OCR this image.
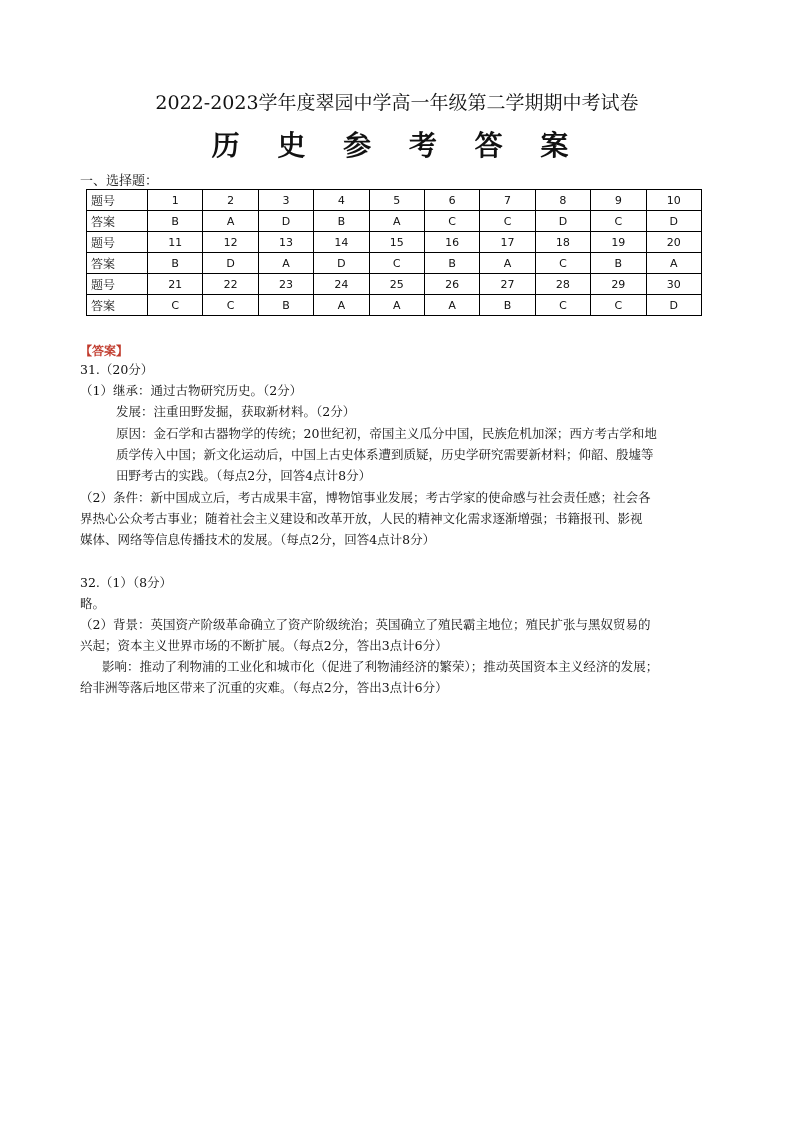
2022-2023学年度翠园中学高一年级第二学期期中考试卷
历 史 参 考 答 案
一、选择题：
题号	1	2	3	4	5	6	7	8	9	10
答案	B	A	D	B	A	C	C	D	C	D
题号	11	12	13	14	15	16	17	18	19	20
答案	B	D	A	D	C	B	A	C	B	A
题号	21	22	23	24	25	26	27	28	29	30
答案	C	C	B	A	A	A	B	C	C	D
【答案】
31.（20分）
（1）继承：通过古物研究历史。（2分）
发展：注重田野发掘，获取新材料。（2分）
原因：金石学和古器物学的传统；20世纪初，帝国主义瓜分中国，民族危机加深；西方考古学和地
质学传入中国；新文化运动后，中国上古史体系遭到质疑，历史学研究需要新材料；仰韶、殷墟等
田野考古的实践。（每点2分，回答4点计8分）
（2）条件：新中国成立后，考古成果丰富，博物馆事业发展；考古学家的使命感与社会责任感；社会各
界热心公众考古事业；随着社会主义建设和改革开放，人民的精神文化需求逐渐增强；书籍报刊、影视
媒体、网络等信息传播技术的发展。（每点2分，回答4点计8分）
32.（1）（8分）
略。
（2）背景：英国资产阶级革命确立了资产阶级统治；英国确立了殖民霸主地位；殖民扩张与黑奴贸易的
兴起；资本主义世界市场的不断扩展。（每点2分，答出3点计6分）
影响：推动了利物浦的工业化和城市化（促进了利物浦经济的繁荣）；推动英国资本主义经济的发展；
给非洲等落后地区带来了沉重的灾难。（每点2分，答出3点计6分）
